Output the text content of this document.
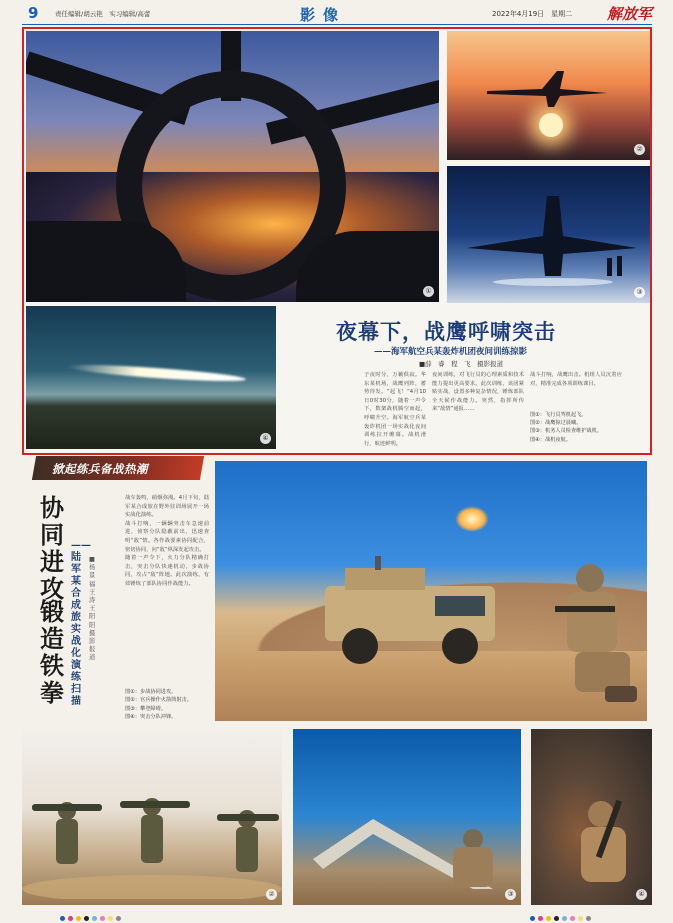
9	责任编辑/胡云艳　实习编辑/高蕾	影像	2022年4月19日　星期二 解放军
①
②
③
④
夜幕下，战鹰呼啸突击
——海军航空兵某轰炸机团夜间训练掠影
■薛　睿　程　飞　摄影报道
子夜时分，万籁俱寂。华东某机场，战鹰列阵，蓄势待发。“起飞！”4月10日0时30分，随着一声令下，数架战机腾空而起，呼啸升空。海军航空兵某轰炸机团一场实战化夜间训练拉开帷幕。战机滑行，航迹鲜明。
夜间训练，对飞行员的心理素质和技术能力提出更高要求。此次训练，该团紧贴实战，设置多种复杂情况，锤炼部队全天候作战能力。突然，指挥所传来“敌情”通报……
战斗打响，战鹰出击。机组人员沉着应对，精准完成各项训练课目。
图①：飞行员驾机起飞。
图②：战鹰掠过晨曦。
图③：机务人员检查维护战机。
图④：战机夜航。
掀起练兵备战热潮
协同进攻
锻造铁拳
——陆军某合成旅实战化演练扫描
■杨景福　王　涛　王阳阳　摄影报道

战车轰鸣，硝烟弥漫。4月下旬，陆军某合成旅在野外驻训场展开一场实战化演练。

战斗打响，一辆辆突击车急速前进，侦察分队隐蔽前出，迅速查明“敌”情。各作战要素协同配合，密切协同，向“敌”纵深发起攻击。

随着一声令下，火力分队精确打击，突击分队快速机动，步战协同，攻占“敌”阵地。此次演练，有效锤炼了部队协同作战能力。

图①：步战协同进攻。
图②：官兵操作火箭筒射击。
图③：攀登障碍。
图④：突击分队冲锋。
②	③	④
